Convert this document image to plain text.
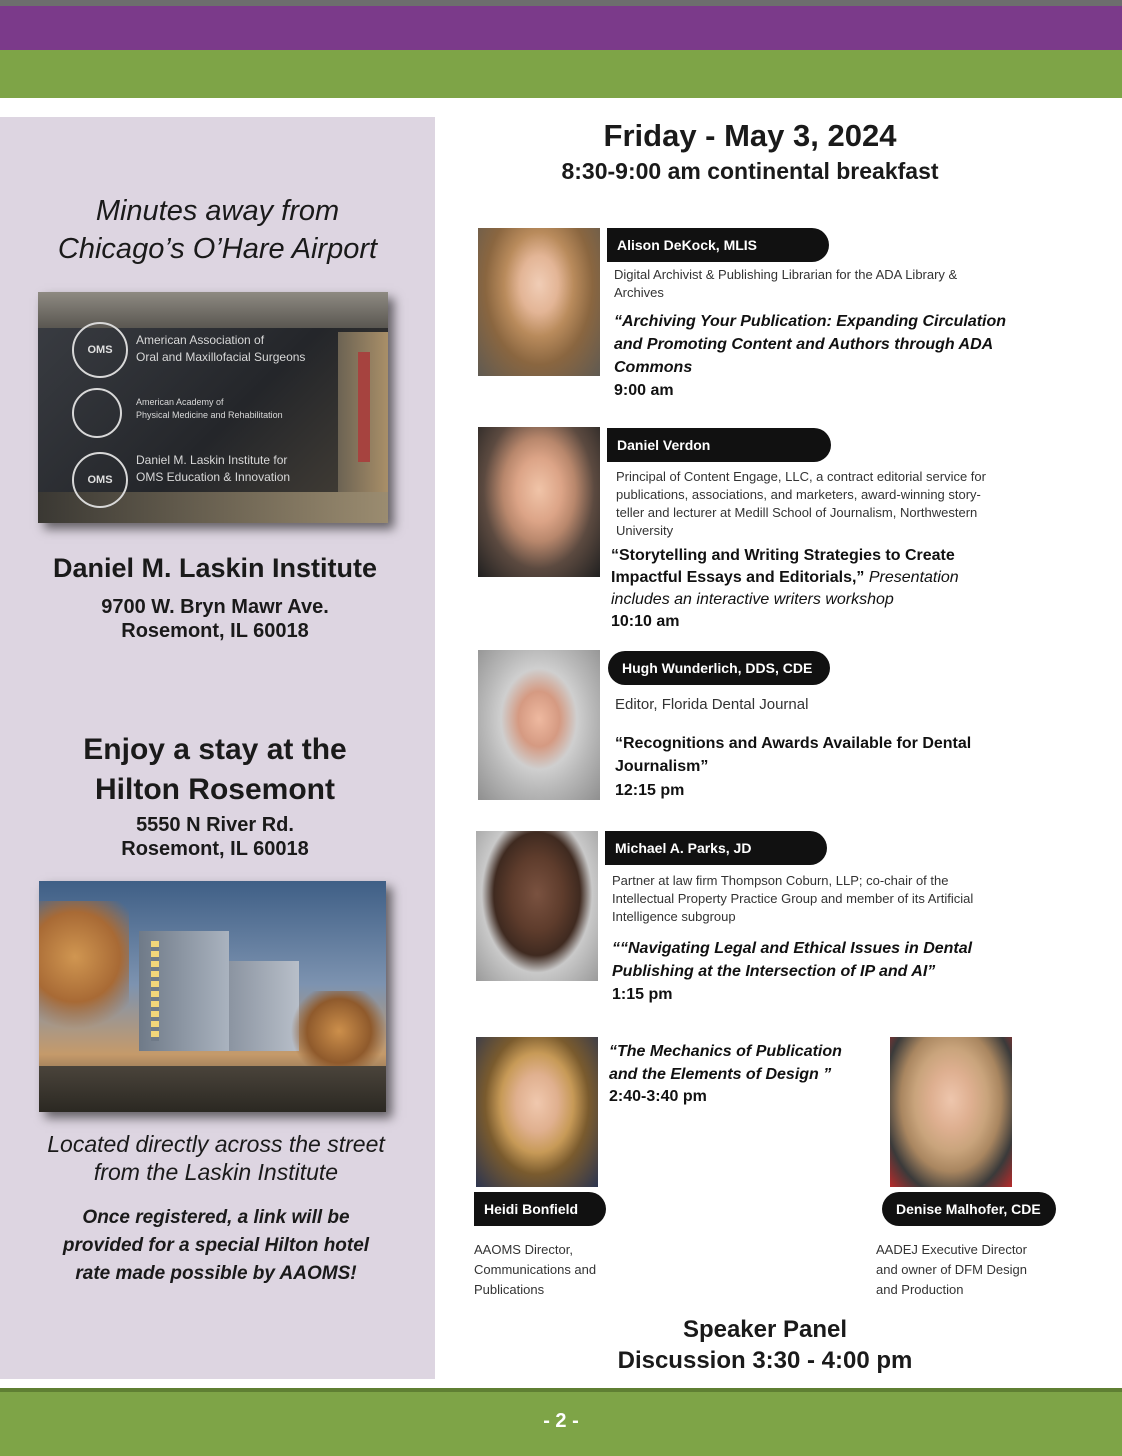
Minutes away from
Chicago’s O’Hare Airport
OMS
OMS
American Association of
Oral and Maxillofacial Surgeons
American Academy of
Physical Medicine and Rehabilitation
Daniel M. Laskin Institute for
OMS Education & Innovation
Daniel M. Laskin Institute
9700 W. Bryn Mawr Ave.
Rosemont, IL 60018
Enjoy a stay at the
Hilton Rosemont
5550 N River Rd.
Rosemont, IL 60018
Located directly across the street
from the Laskin Institute
Once registered, a link will be
provided for a special Hilton hotel
rate made possible by AAOMS!
Friday - May 3, 2024
8:30-9:00 am continental breakfast
Alison DeKock, MLIS
Digital Archivist & Publishing Librarian for the ADA Library &
Archives
“Archiving Your Publication: Expanding Circulation
and Promoting Content and Authors through ADA
Commons
9:00 am
Daniel Verdon
Principal of Content Engage, LLC, a contract editorial service for
publications, associations, and marketers, award-winning story-
teller and lecturer at Medill School of Journalism, Northwestern
University
“Storytelling and Writing Strategies to Create
Impactful Essays and Editorials,” Presentation
includes an interactive writers workshop
10:10 am
Hugh Wunderlich, DDS, CDE
Editor, Florida Dental Journal
“Recognitions and Awards Available for Dental
Journalism”
12:15 pm
Michael A. Parks, JD
Partner at law firm Thompson Coburn, LLP; co-chair of the
Intellectual Property Practice Group and member of its Artificial
Intelligence subgroup
““Navigating Legal and Ethical Issues in Dental
Publishing at the Intersection of IP and AI”
1:15 pm
“The Mechanics of Publication
and the Elements of Design ”
2:40-3:40 pm
Heidi Bonfield
AAOMS Director,
Communications and
Publications
Denise Malhofer, CDE
AADEJ Executive Director
and owner of DFM Design
and Production
Speaker Panel
Discussion 3:30 - 4:00 pm
- 2 -
